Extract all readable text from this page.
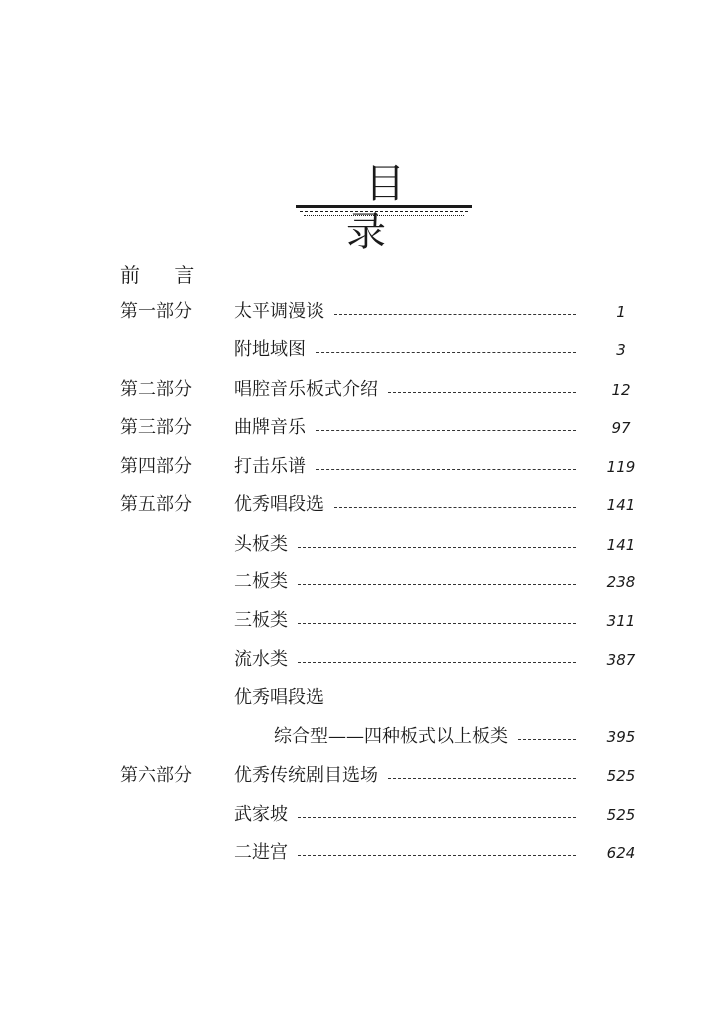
目 录
前 言
第一部分	太平调漫谈	1
附地域图	3
第二部分	唱腔音乐板式介绍	12
第三部分	曲牌音乐	97
第四部分	打击乐谱	119
第五部分	优秀唱段选	141
头板类	141
二板类	238
三板类	311
流水类	387
优秀唱段选
综合型——四种板式以上板类	395
第六部分	优秀传统剧目选场	525
武家坡	525
二进宫	624
